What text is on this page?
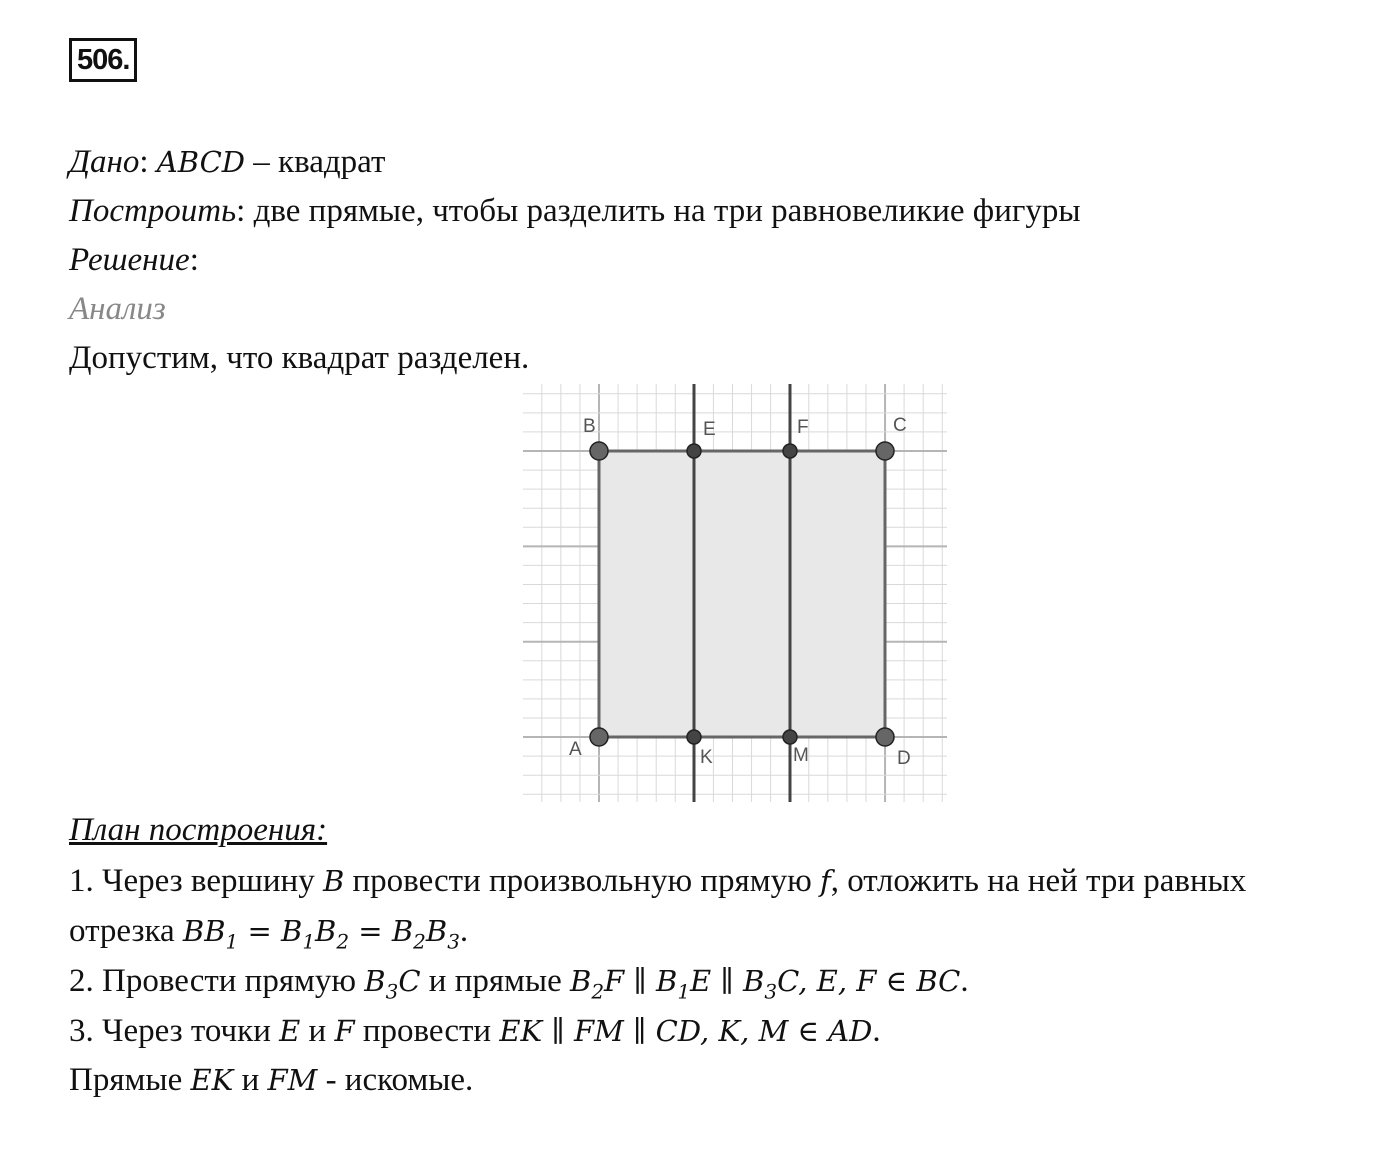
506.
Дано: ABCD – квадрат
Построить: две прямые, чтобы разделить на три равновеликие фигуры
Решение:
Анализ
Допустим, что квадрат разделен.
B	E	F	C
A	K	M	D
План построения:
1. Через вершину B провести произвольную прямую f, отложить на ней три равных
отрезка $BB_1 = B_1B_2 = B_2B_3$.
2. Провести прямую $B_3C$ и прямые $B_2F$ ∥ $B_1E$ ∥ $B_3C$, E, F ∈ BC.
3. Через точки E и F провести EK ∥ FM ∥ CD, K, M ∈ AD.
Прямые EK и FM - искомые.
